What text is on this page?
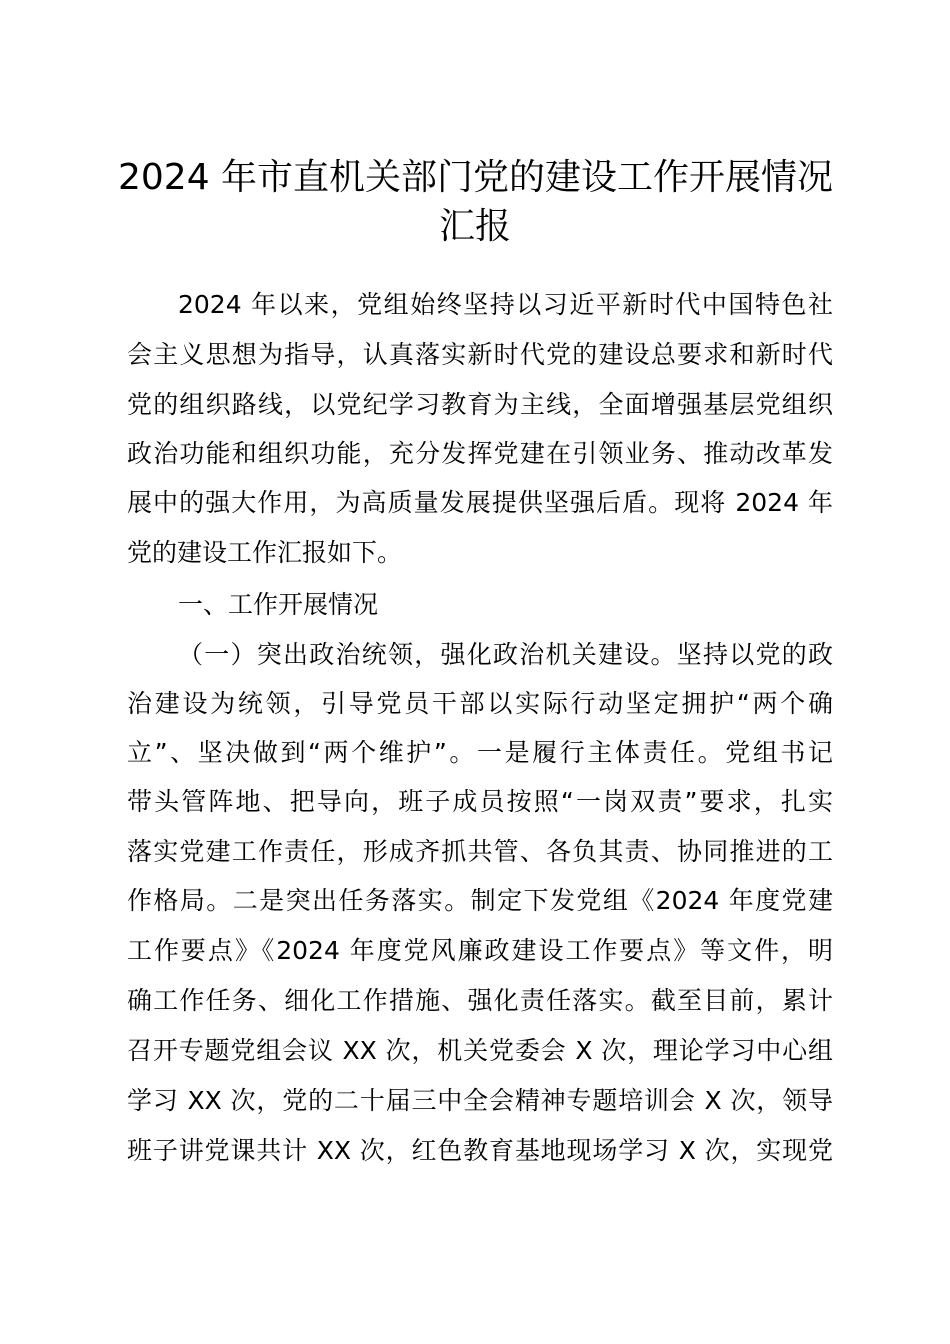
2024 年市直机关部门党的建设工作开展情况
汇报

2024 年以来，党组始终坚持以习近平新时代中国特色社

会主义思想为指导，认真落实新时代党的建设总要求和新时代

党的组织路线，以党纪学习教育为主线，全面增强基层党组织

政治功能和组织功能，充分发挥党建在引领业务、推动改革发

展中的强大作用，为高质量发展提供坚强后盾。现将 2024 年

党的建设工作汇报如下。

一、工作开展情况

（一）突出政治统领，强化政治机关建设。坚持以党的政

治建设为统领，引导党员干部以实际行动坚定拥护“两个确

立”、坚决做到“两个维护”。一是履行主体责任。党组书记

带头管阵地、把导向，班子成员按照“一岗双责”要求，扎实

落实党建工作责任，形成齐抓共管、各负其责、协同推进的工

作格局。二是突出任务落实。制定下发党组《2024 年度党建

工作要点》《2024 年度党风廉政建设工作要点》等文件，明

确工作任务、细化工作措施、强化责任落实。截至目前，累计

召开专题党组会议 XX 次，机关党委会 X 次，理论学习中心组

学习 XX 次，党的二十届三中全会精神专题培训会 X 次，领导

班子讲党课共计 XX 次，红色教育基地现场学习 X 次，实现党
